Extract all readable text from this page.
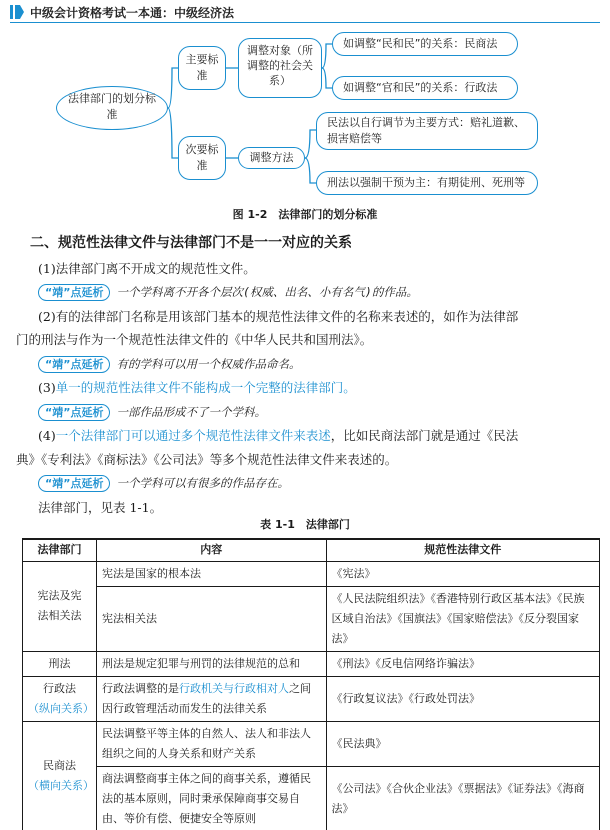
中级会计资格考试一本通：中级经济法
法律部门的划分标准
主要标准
次要标准
调整对象（所调整的社会关系）
调整方法
如调整“民和民”的关系：民商法
如调整“官和民”的关系：行政法
民法以自行调节为主要方式：赔礼道歉、损害赔偿等
刑法以强制干预为主：有期徒刑、死刑等
图 1-2　法律部门的划分标准
二、规范性法律文件与法律部门不是一一对应的关系
(1)法律部门离不开成文的规范性文件。
“靖”点延析 一个学科离不开各个层次(权威、出名、小有名气)的作品。
(2)有的法律部门名称是用该部门基本的规范性法律文件的名称来表述的，如作为法律部
门的刑法与作为一个规范性法律文件的《中华人民共和国刑法》。
“靖”点延析 有的学科可以用一个权威作品命名。
(3)单一的规范性法律文件不能构成一个完整的法律部门。
“靖”点延析 一部作品形成不了一个学科。
(4)一个法律部门可以通过多个规范性法律文件来表述，比如民商法部门就是通过《民法
典》《专利法》《商标法》《公司法》等多个规范性法律文件来表述的。
“靖”点延析 一个学科可以有很多的作品存在。
法律部门，见表 1-1。
表 1-1　法律部门
法律部门	内容	规范性法律文件
宪法及宪法相关法	宪法是国家的根本法	《宪法》
	宪法相关法	《人民法院组织法》《香港特别行政区基本法》《民族区域自治法》《国旗法》《国家赔偿法》《反分裂国家法》
刑法	刑法是规定犯罪与刑罚的法律规范的总和	《刑法》《反电信网络诈骗法》
行政法
（纵向关系）	行政法调整的是行政机关与行政相对人之间因行政管理活动而发生的法律关系	《行政复议法》《行政处罚法》
民商法
（横向关系）	民法调整平等主体的自然人、法人和非法人组织之间的人身关系和财产关系	《民法典》
	商法调整商事主体之间的商事关系，遵循民法的基本原则，同时秉承保障商事交易自由、等价有偿、便捷安全等原则	《公司法》《合伙企业法》《票据法》《证券法》《海商法》
